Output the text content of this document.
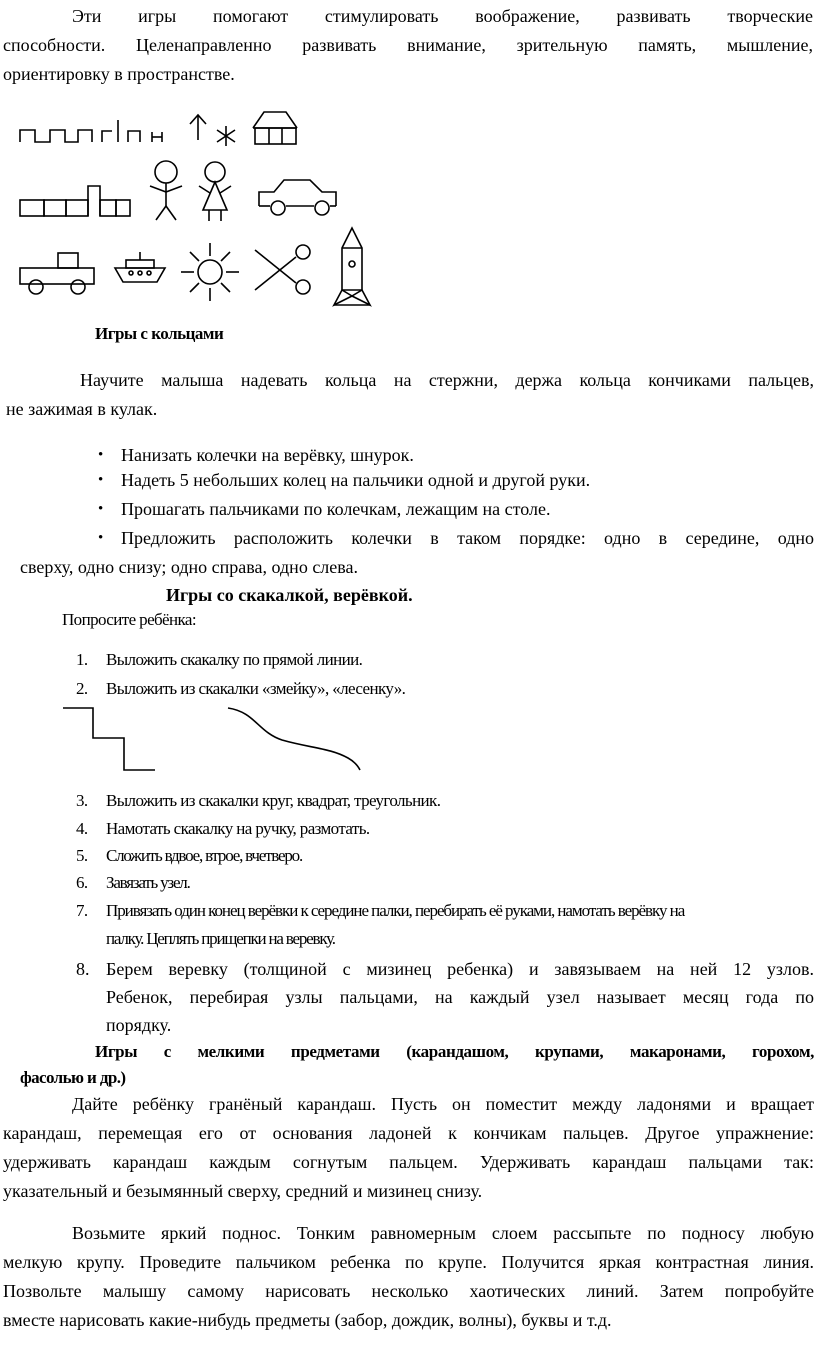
Эти игры помогают стимулировать воображение, развивать творческие
способности. Целенаправленно развивать внимание, зрительную память, мышление,
ориентировку в пространстве.
Игры с кольцами
Научите малыша надевать кольца на стержни, держа кольца кончиками пальцев,
не зажимая в кулак.
• Нанизать колечки на верёвку, шнурок.
• Надеть 5 небольших колец на пальчики одной и другой руки.
• Прошагать пальчиками по колечкам, лежащим на столе.
• Предложить расположить колечки в таком порядке: одно в середине, одно
сверху, одно снизу; одно справа, одно слева.
Игры со скакалкой, верёвкой.
Попросите ребёнка:
1. Выложить скакалку по прямой линии.
2. Выложить из скакалки «змейку», «лесенку».
3. Выложить из скакалки круг, квадрат, треугольник.
4. Намотать скакалку на ручку, размотать.
5. Сложить вдвое, втрое, вчетверо.
6. Завязать узел.
7. Привязать один конец верёвки к середине палки, перебирать её руками, намотать верёвку на
палку. Цеплять прищепки на веревку.
8. Берем веревку (толщиной с мизинец ребенка) и завязываем на ней 12 узлов.
Ребенок, перебирая узлы пальцами, на каждый узел называет месяц года по
порядку.
Игры с мелкими предметами (карандашом, крупами, макаронами, горохом,
фасолью и др.)
Дайте ребёнку гранёный карандаш. Пусть он поместит между ладонями и вращает
карандаш, перемещая его от основания ладоней к кончикам пальцев. Другое упражнение:
удерживать карандаш каждым согнутым пальцем. Удерживать карандаш пальцами так:
указательный и безымянный сверху, средний и мизинец снизу.
Возьмите яркий поднос. Тонким равномерным слоем рассыпьте по подносу любую
мелкую крупу. Проведите пальчиком ребенка по крупе. Получится яркая контрастная линия.
Позвольте малышу самому нарисовать несколько хаотических линий. Затем попробуйте
вместе нарисовать какие-нибудь предметы (забор, дождик, волны), буквы и т.д.
